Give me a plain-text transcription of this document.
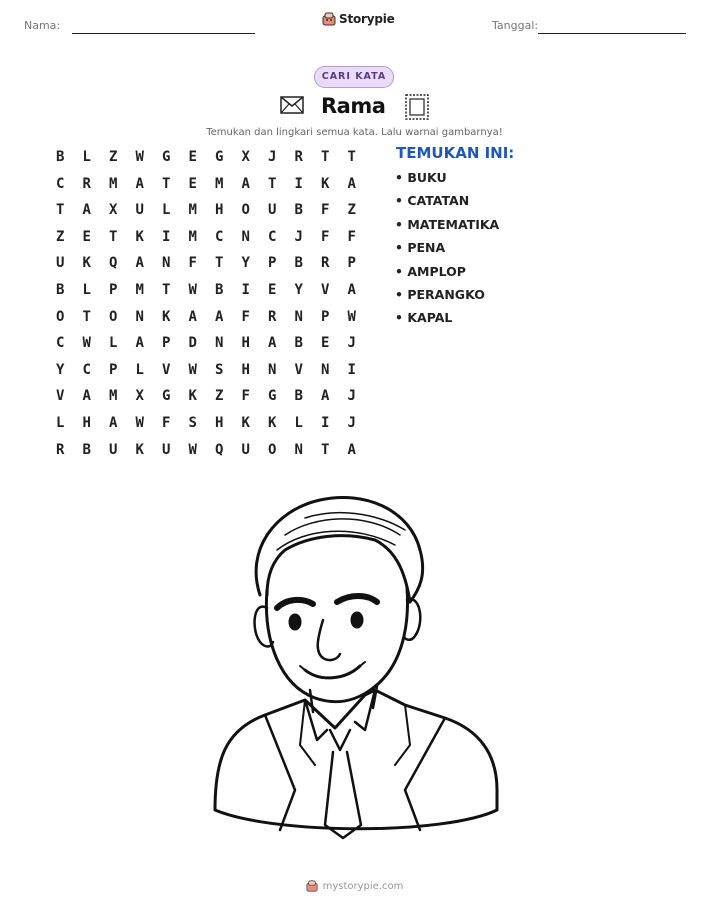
Nama:	Storypie	Tanggal:
CARI KATA
Rama
Temukan dan lingkari semua kata. Lalu warnai gambarnya!
B	L	Z	W	G	E	G	X	J	R	T	T
C	R	M	A	T	E	M	A	T	I	K	A
T	A	X	U	L	M	H	O	U	B	F	Z
Z	E	T	K	I	M	C	N	C	J	F	F
U	K	Q	A	N	F	T	Y	P	B	R	P
B	L	P	M	T	W	B	I	E	Y	V	A
O	T	O	N	K	A	A	F	R	N	P	W
C	W	L	A	P	D	N	H	A	B	E	J
Y	C	P	L	V	W	S	H	N	V	N	I
V	A	M	X	G	K	Z	F	G	B	A	J
L	H	A	W	F	S	H	K	K	L	I	J
R	B	U	K	U	W	Q	U	O	N	T	A
TEMUKAN INI:
• BUKU
• CATATAN
• MATEMATIKA
• PENA
• AMPLOP
• PERANGKO
• KAPAL
mystorypie.com
